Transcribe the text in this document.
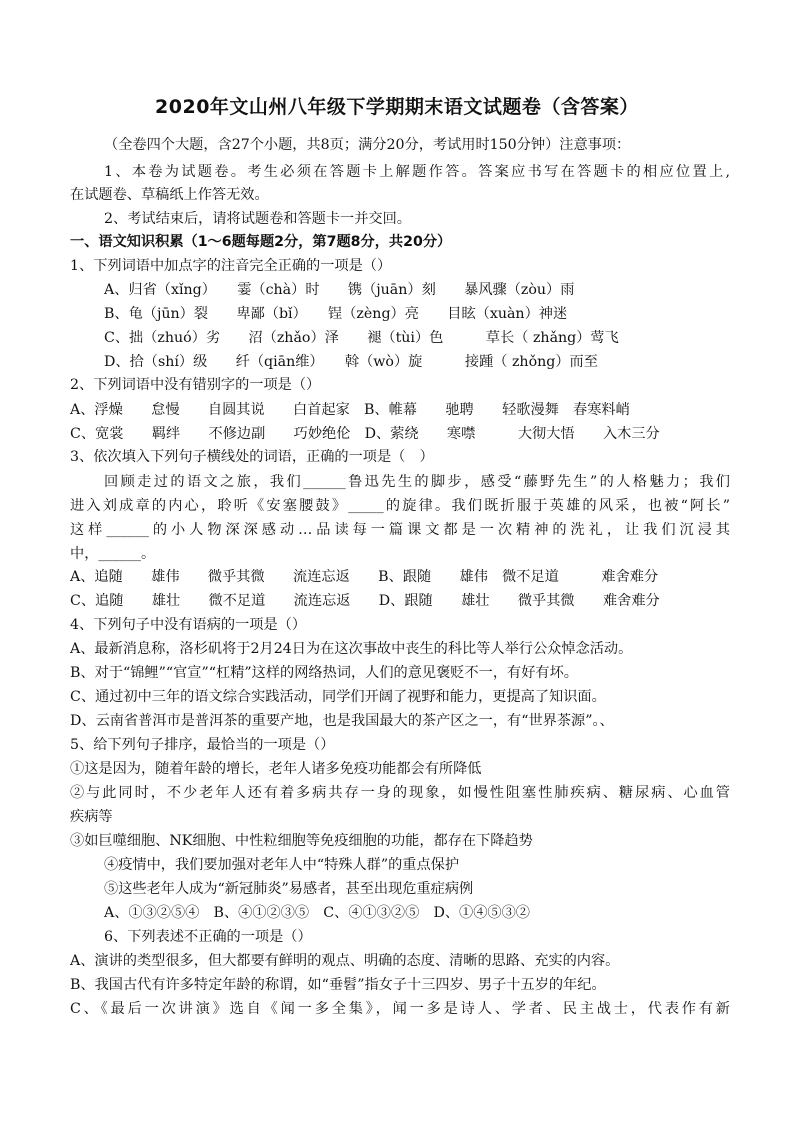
2020年文山州八年级下学期期末语文试题卷（含答案）
（全卷四个大题，含27个小题，共8页；满分20分，考试用时150分钟）注意事项：
1、本卷为试题卷。考生必须在答题卡上解题作答。答案应书写在答题卡的相应位置上,
在试题卷、草稿纸上作答无效。
2、考试结束后，请将试题卷和答题卡一并交回。
一、语文知识积累（1～6题每题2分，第7题8分，共20分）
1、下列词语中加点字的注音完全正确的一项是（）
A、归省（xǐng）　　霎（chà）时　　镌（juān）刻　　暴风骤（zòu）雨
B、龟（jūn）裂　　卑鄙（bǐ）　　锃（zèng）亮　　目眩（xuàn）神迷
C、拙（zhuó）劣　　沼（zhǎo）泽　　褪（tùi）色　　　草长（ zhǎng）莺飞
D、拾（shí）级　　纤（qiān维）　　斡（wò）旋　　　接踵（ zhǒng）而至
2、下列词语中没有错别字的一项是（）
A、浮燥　　怠慢　　自圆其说　　白首起家　B、帷幕　　驰聘　　轻歌漫舞　春寒料峭
C、宽裳　　羁绊　　不修边副　　巧妙绝伦　D、萦绕　　寒噤　　　大彻大悟　　入木三分
3、依次填入下列句子横线处的词语，正确的一项是（　）
回顾走过的语文之旅，我们______鲁迅先生的脚步，感受“藤野先生”的人格魅力；我们
进入刘成章的内心，聆听《安塞腰鼓》_____的旋律。我们既折服于英雄的风采，也被“阿长”
这样______的小人物深深感动…品读每一篇课文都是一次精神的洗礼，让我们沉浸其
中，______。
A、追随　　雄伟　　微乎其微　　流连忘返　　B、跟随　　雄伟　微不足道　　　难舍难分
C、追随　　雄壮　　微不足道　　流连忘返　　D、跟随　　雄壮　　微乎其微　　难舍难分
4、下列句子中没有语病的一项是（）
A、最新消息称，洛杉矶将于2月24日为在这次事故中丧生的科比等人举行公众悼念活动。
B、对于“锦鲤”“官宣”“杠精”这样的网络热词，人们的意见褒贬不一，有好有坏。
C、通过初中三年的语文综合实践活动，同学们开阔了视野和能力，更提高了知识面。
D、云南省普洱市是普洱茶的重要产地，也是我国最大的茶产区之一，有“世界茶源”。、
5、给下列句子排序，最恰当的一项是（）
①这是因为，随着年龄的增长，老年人诸多免疫功能都会有所降低
②与此同时，不少老年人还有着多病共存一身的现象，如慢性阻塞性肺疾病、糖尿病、心血管
疾病等
③如巨噬细胞、NK细胞、中性粒细胞等免疫细胞的功能，都存在下降趋势
④疫情中，我们要加强对老年人中“特殊人群”的重点保护
⑤这些老年人成为“新冠肺炎”易感者，甚至出现危重症病例
A、①③②⑤④　B、④①②③⑤　C、④①③②⑤　D、①④⑤③②
6、下列表述不正确的一项是（）
A、演讲的类型很多，但大都要有鲜明的观点、明确的态度、清晰的思路、充实的内容。
B、我国古代有许多特定年龄的称谓，如“垂髫”指女子十三四岁、男子十五岁的年纪。
C、《最后一次讲演》选自《闻一多全集》，闻一多是诗人、学者、民主战士，代表作有新
